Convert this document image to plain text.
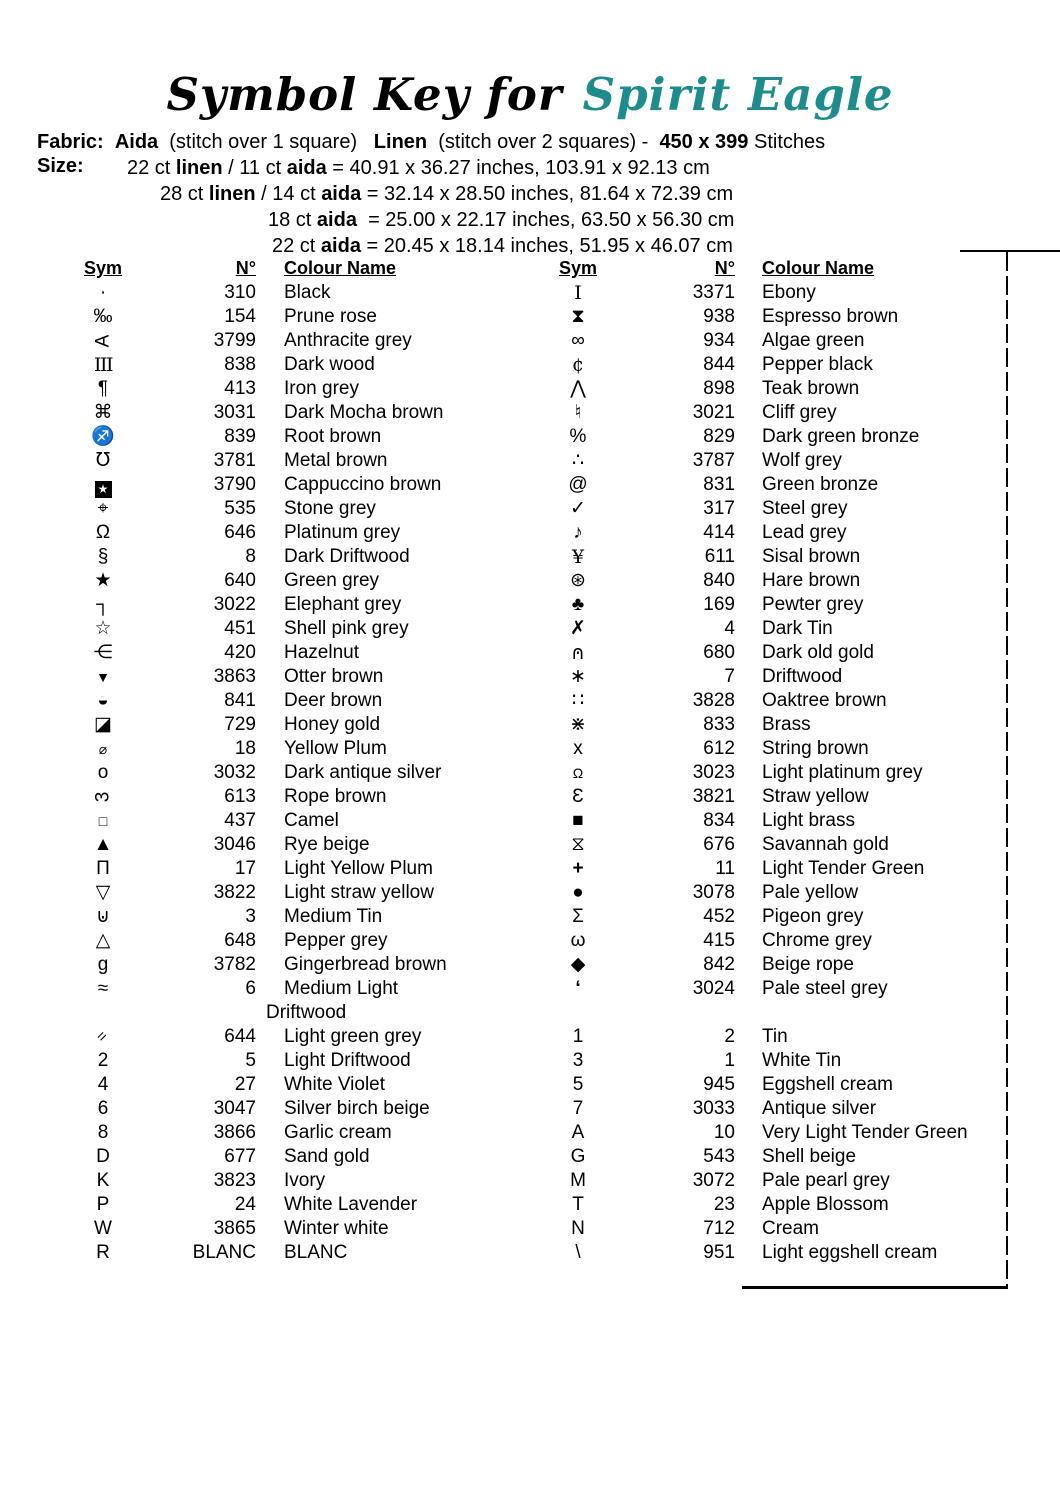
Symbol Key for Spirit Eagle
Fabric: Aida  (stitch over 1 square)   Linen  (stitch over 2 squares) -  450 x 399 Stitches
Size: 22 ct linen / 11 ct aida = 40.91 x 36.27 inches, 103.91 x 92.13 cm
28 ct linen / 14 ct aida = 32.14 x 28.50 inches, 81.64 x 72.39 cm
18 ct aida  = 25.00 x 22.17 inches, 63.50 x 56.30 cm
22 ct aida = 20.45 x 18.14 inches, 51.95 x 46.07 cm
Sym	N°	Colour Name
·	310	Black
‰	154	Prune rose
A	3799	Anthracite grey
III	838	Dark wood
¶	413	Iron grey
⌘	3031	Dark Mocha brown
♐	839	Root brown
℧	3781	Metal brown
★	3790	Cappuccino brown
⌖	535	Stone grey
Ω	646	Platinum grey
§	8	Dark Driftwood
★	640	Green grey
┐	3022	Elephant grey
☆	451	Shell pink grey
⋲	420	Hazelnut
▼	3863	Otter brown
◒	841	Deer brown
◪	729	Honey gold
⌀	18	Yellow Plum
o	3032	Dark antique silver
3	613	Rope brown
□	437	Camel
▲	3046	Rye beige
Π	17	Light Yellow Plum
▽	3822	Light straw yellow
⊍	3	Medium Tin
△	648	Pepper grey
g	3782	Gingerbread brown
≈	6 Medium Light
Driftwood
=	644	Light green grey
2	5	Light Driftwood
4	27	White Violet
6	3047	Silver birch beige
8	3866	Garlic cream
D	677	Sand gold
K	3823	Ivory
P	24	White Lavender
W	3865	Winter white
R	BLANC	BLANC
Sym	N°	Colour Name
I	3371	Ebony
⧗	938	Espresso brown
∞	934	Algae green
¢	844	Pepper black
⋀	898	Teak brown
♮	3021	Cliff grey
%	829	Dark green bronze
∴	3787	Wolf grey
@	831	Green bronze
✓	317	Steel grey
♪	414	Lead grey
¥	611	Sisal brown
⊛	840	Hare brown
♣	169	Pewter grey
✗	4	Dark Tin
⊍	680	Dark old gold
∗	7	Driftwood
∷	3828	Oaktree brown
⋇	833	Brass
x	612	String brown
Ω	3023	Light platinum grey
Ɛ	3821	Straw yellow
■	834	Light brass
⧖	676	Savannah gold
+	11	Light Tender Green
●	3078	Pale yellow
Σ	452	Pigeon grey
ω	415	Chrome grey
◆	842	Beige rope
‘	3024	Pale steel grey
1	2	Tin
3	1	White Tin
5	945	Eggshell cream
7	3033	Antique silver
A	10	Very Light Tender Green
G	543	Shell beige
M	3072	Pale pearl grey
T	23	Apple Blossom
N	712	Cream
\	951	Light eggshell cream
